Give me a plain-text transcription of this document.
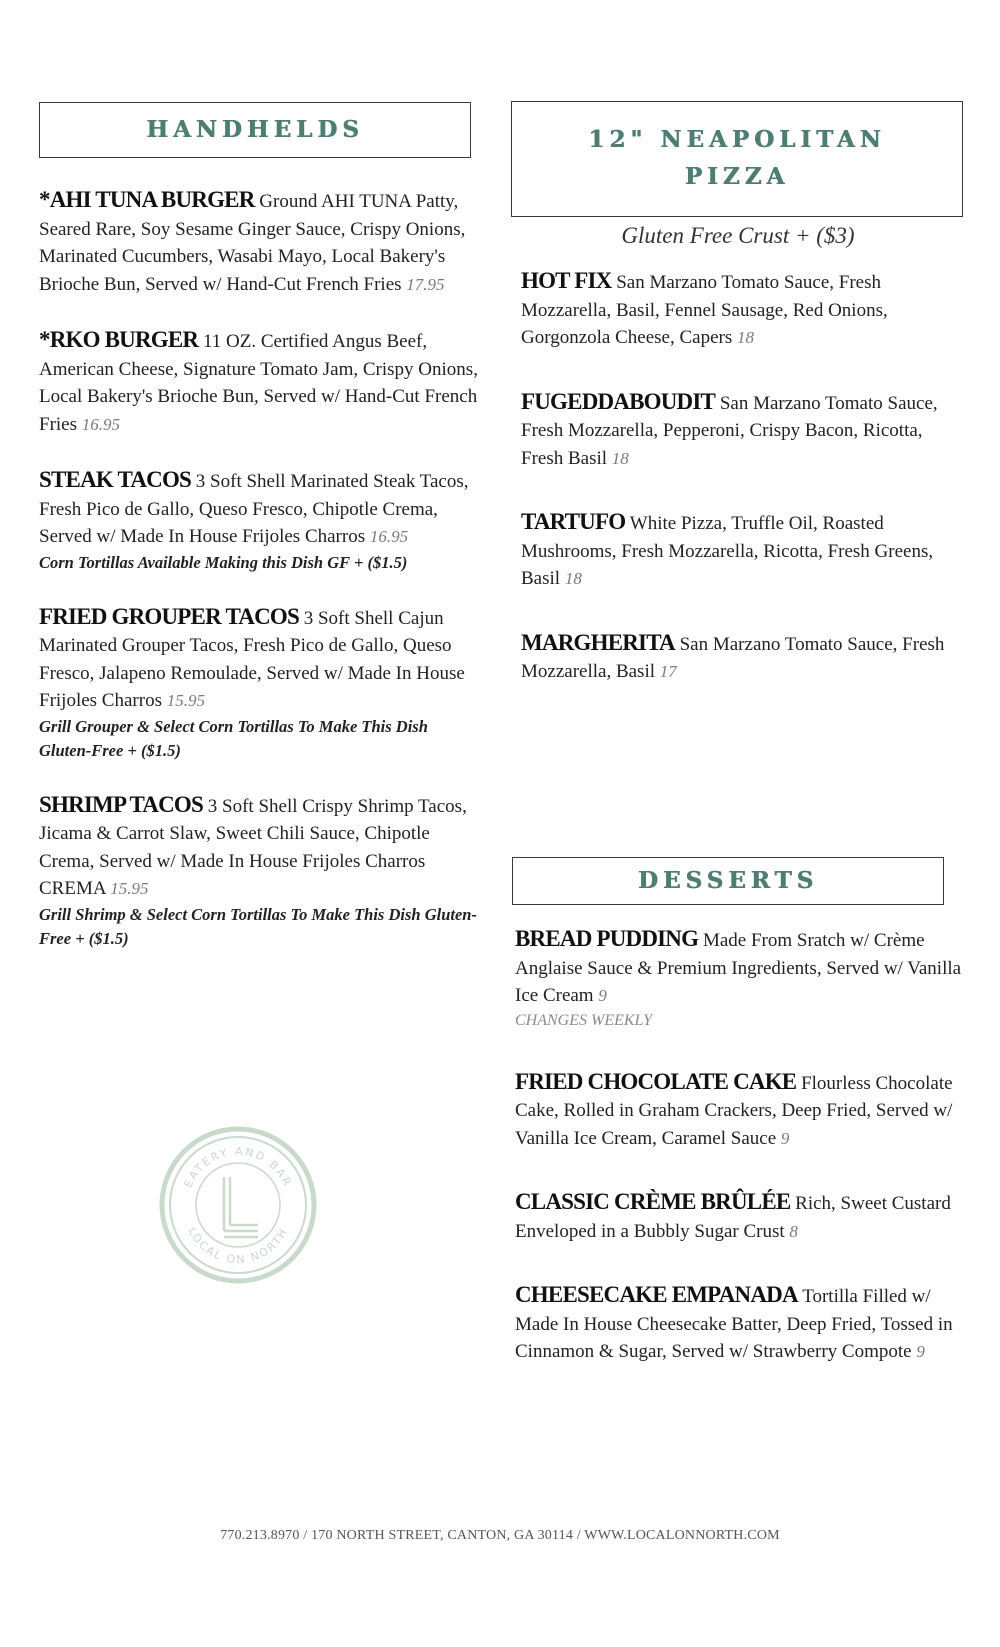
HANDHELDS
*AHI TUNA BURGER Ground AHI TUNA Patty, Seared Rare, Soy Sesame Ginger Sauce, Crispy Onions, Marinated Cucumbers, Wasabi Mayo, Local Bakery's Brioche Bun, Served w/ Hand-Cut French Fries 17.95
*RKO BURGER 11 OZ. Certified Angus Beef, American Cheese, Signature Tomato Jam, Crispy Onions, Local Bakery's Brioche Bun, Served w/ Hand-Cut French Fries 16.95
STEAK TACOS 3 Soft Shell Marinated Steak Tacos, Fresh Pico de Gallo, Queso Fresco, Chipotle Crema, Served w/ Made In House Frijoles Charros 16.95
Corn Tortillas Available Making this Dish GF + ($1.5)
FRIED GROUPER TACOS 3 Soft Shell Cajun Marinated Grouper Tacos, Fresh Pico de Gallo, Queso Fresco, Jalapeno Remoulade, Served w/ Made In House Frijoles Charros 15.95
Grill Grouper & Select Corn Tortillas To Make This Dish Gluten-Free + ($1.5)
SHRIMP TACOS 3 Soft Shell Crispy Shrimp Tacos, Jicama & Carrot Slaw, Sweet Chili Sauce, Chipotle Crema, Served w/ Made In House Frijoles Charros CREMA 15.95
Grill Shrimp & Select Corn Tortillas To Make This Dish Gluten-Free + ($1.5)
12" NEAPOLITAN
PIZZA
Gluten Free Crust + ($3)
HOT FIX San Marzano Tomato Sauce, Fresh Mozzarella, Basil, Fennel Sausage, Red Onions, Gorgonzola Cheese, Capers 18
FUGEDDABOUDIT San Marzano Tomato Sauce, Fresh Mozzarella, Pepperoni, Crispy Bacon, Ricotta, Fresh Basil 18
TARTUFO White Pizza, Truffle Oil, Roasted Mushrooms, Fresh Mozzarella, Ricotta, Fresh Greens, Basil 18
MARGHERITA San Marzano Tomato Sauce, Fresh Mozzarella, Basil 17
DESSERTS
BREAD PUDDING Made From Sratch w/ Crème Anglaise Sauce & Premium Ingredients, Served w/ Vanilla Ice Cream 9
CHANGES WEEKLY
FRIED CHOCOLATE CAKE Flourless Chocolate Cake, Rolled in Graham Crackers, Deep Fried, Served w/ Vanilla Ice Cream, Caramel Sauce 9
CLASSIC CRÈME BRÛLÉE Rich, Sweet Custard Enveloped in a Bubbly Sugar Crust 8
CHEESECAKE EMPANADA Tortilla Filled w/ Made In House Cheesecake Batter, Deep Fried, Tossed in Cinnamon & Sugar, Served w/ Strawberry Compote 9
EATERY AND BAR
LOCAL ON NORTH
770.213.8970 / 170 NORTH STREET, CANTON, GA 30114 / WWW.LOCALONNORTH.COM
